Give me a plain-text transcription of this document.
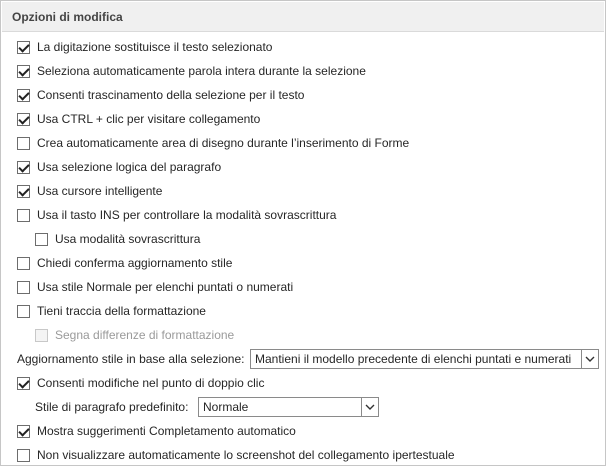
Opzioni di modifica
La digitazione sostituisce il testo selezionato
Seleziona automaticamente parola intera durante la selezione
Consenti trascinamento della selezione per il testo
Usa CTRL + clic per visitare collegamento
Crea automaticamente area di disegno durante l’inserimento di Forme
Usa selezione logica del paragrafo
Usa cursore intelligente
Usa il tasto INS per controllare la modalità sovrascrittura
Usa modalità sovrascrittura
Chiedi conferma aggiornamento stile
Usa stile Normale per elenchi puntati o numerati
Tieni traccia della formattazione
Segna differenze di formattazione
Aggiornamento stile in base alla selezione: Mantieni il modello precedente di elenchi puntati e numerati
Consenti modifiche nel punto di doppio clic
Stile di paragrafo predefinito: Normale
Mostra suggerimenti Completamento automatico
Non visualizzare automaticamente lo screenshot del collegamento ipertestuale
